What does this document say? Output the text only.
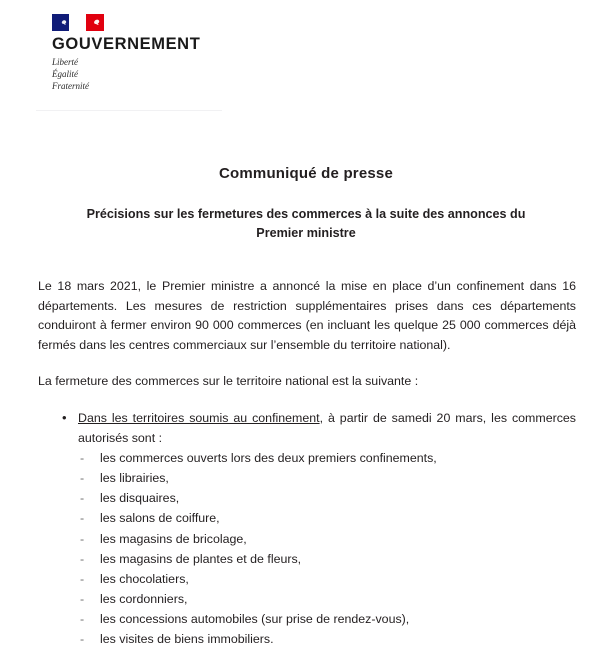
GOUVERNEMENT
Liberté
Égalité
Fraternité
Communiqué de presse
Précisions sur les fermetures des commerces à la suite des annonces du Premier ministre

Le 18 mars 2021, le Premier ministre a annoncé la mise en place d’un confinement dans 16 départements. Les mesures de restriction supplémentaires prises dans ces départements conduiront à fermer environ 90 000 commerces (en incluant les quelque 25 000 commerces déjà fermés dans les centres commerciaux sur l’ensemble du territoire national).

La fermeture des commerces sur le territoire national est la suivante :

• Dans les territoires soumis au confinement, à partir de samedi 20 mars, les commerces autorisés sont :
- les commerces ouverts lors des deux premiers confinements,
- les librairies,
- les disquaires,
- les salons de coiffure,
- les magasins de bricolage,
- les magasins de plantes et de fleurs,
- les chocolatiers,
- les cordonniers,
- les concessions automobiles (sur prise de rendez-vous),
- les visites de biens immobiliers.
